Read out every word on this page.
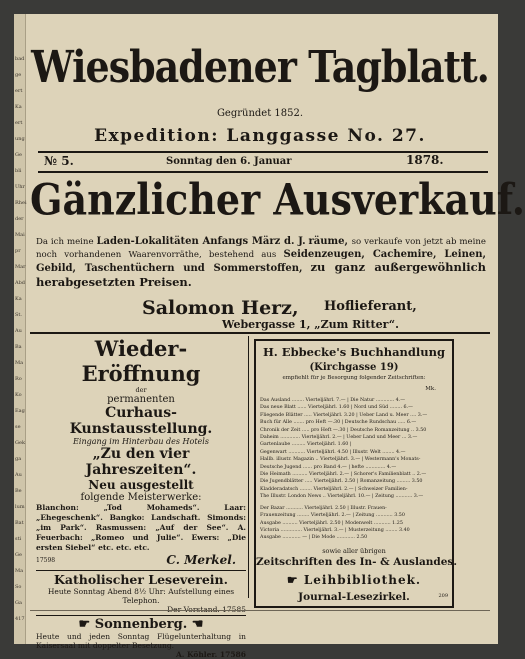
bad
ge
ert
Ka
ert
ung
Ge
bli
Uhr
Rhei
der
Mai
pr
Mar
Abd
Ka
St.
Au
Ba
Ma
Ro
Ko
Eag
se
Gek
ga
Au
Be
lum
Bat
sti
Ge
Ma
So
Ga
417
Wiesbadener Tagblatt.
Gegründet 1852.
Expedition: Langgasse No. 27.
№ 5.	Sonntag den 6. Januar	1878.
Gänzlicher Ausverkauf.
Da ich meine Laden-Lokalitäten Anfangs März d. J. räume, so verkaufe von jetzt ab meine noch vorhandenen Waarenvorräthe, bestehend aus Seidenzeugen, Cachemire, Leinen, Gebild, Taschentüchern und Sommerstoffen, zu ganz außergewöhnlich herabgesetzten Preisen.
Salomon Herz, Hoflieferant,
Webergasse 1, „Zum Ritter“.
Wieder-Eröffnung
der
permanenten
Curhaus-Kunstausstellung.
Eingang im Hinterbau des Hotels
„Zu den vier Jahreszeiten“.
Neu ausgestellt
folgende Meisterwerke:
Blanchon: „Tod Mohameds“. Laar: „Ehegeschenk“. Bangko: Landschaft. Simonds: „im Park“. Rasmussen: „Auf der See“. A. Feuerbach: „Romeo und Julie“. Ewers: „Die ersten Siebel“ etc. etc. etc.
17598	C. Merkel.
Katholischer Leseverein.
Heute Sonntag Abend 8½ Uhr: Aufstellung eines Telephon.
☛ Sonnenberg. ☚
Heute und jeden Sonntag Flügelunterhaltung in Kaisersaal mit doppelter Besetzung.
A. Köhler. 17586
H. Ebbecke's Buchhandlung
(Kirchgasse 19)
empfiehlt für je Besorgung folgender Zeitschriften:
Mk.
Das Ausland ........ Vierteljährl. 7.— | Die Natur ............ 4.—
Das neue Blatt ...... Vierteljährl. 1.60 | Nord und Süd ........ 6.—
Fliegende Blätter ..... Vierteljährl. 3.20 | Ueber Land u. Meer .... 3.—
Buch für Alle ....... pro Heft —.30 | Deutsche Rundschau ..... 6.—
Chronik der Zeit ..... pro Heft —.30 | Deutsche Romanzeitung .. 3.50
Daheim ............. Vierteljährl. 2.— | Ueber Land und Meer ... 3.—
Gartenlaube ......... Vierteljährl. 1.60 |
Gegenwart ........... Vierteljährl. 4.50 | Illustr. Welt ........ 4.—
Hallb. illustr. Magazin .. Vierteljährl. 3.— | Westermann's Monats-
Deutsche Jugend ...... pro Band 4.— | hefte ............. 4.—
Die Heimath .......... Vierteljährl. 2.— | Schorer's Familienblatt .. 2.—
Die Jugendblätter ..... Vierteljährl. 2.50 | Romanzeitung ......... 3.50
Kladderadatsch ........ Vierteljährl. 2.— | Schweizer Familien-
The Illustr. London News .. Vierteljährl. 10.— | Zeitung ........... 3.—
Der Bazar ........... Vierteljährl. 2.50 | Illustr. Frauen-
Frauenzeitung ........ Vierteljährl. 2.— | Zeitung ........... 3.50
Ausgabe .......... Vierteljährl. 2.50 | Modenwelt ........... 1.25
Victoria .............. Vierteljährl. 3.— | Musterzeitung ........ 3.40
Ausgabe ............ — | Die Mode ............ 2.50
sowie aller übrigen
Zeitschriften des In- & Auslandes.
☛ Leihbibliothek.
Journal-Lesezirkel.	209
